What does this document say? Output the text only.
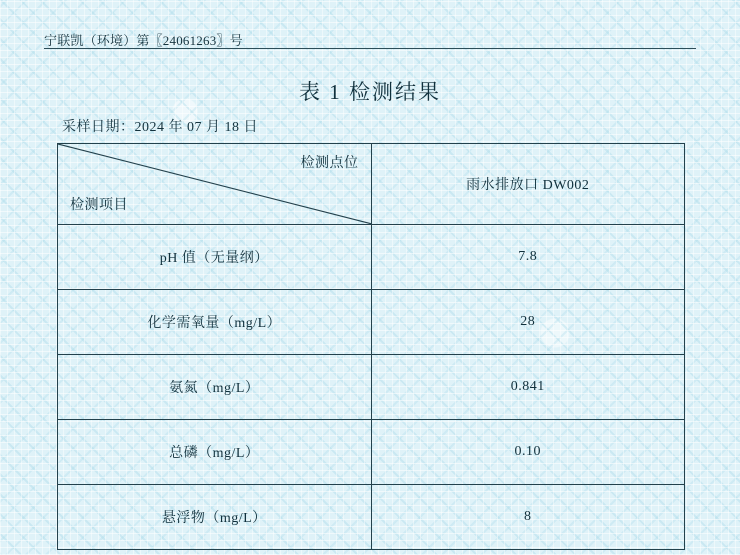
宁联凯（环境）第〖24061263〗号
表 1 检测结果
采样日期：2024 年 07 月 18 日
检测点位
检测项目	雨水排放口 DW002
pH 值（无量纲）	7.8
化学需氧量（mg/L）	28
氨氮（mg/L）	0.841
总磷（mg/L）	0.10
悬浮物（mg/L）	8
